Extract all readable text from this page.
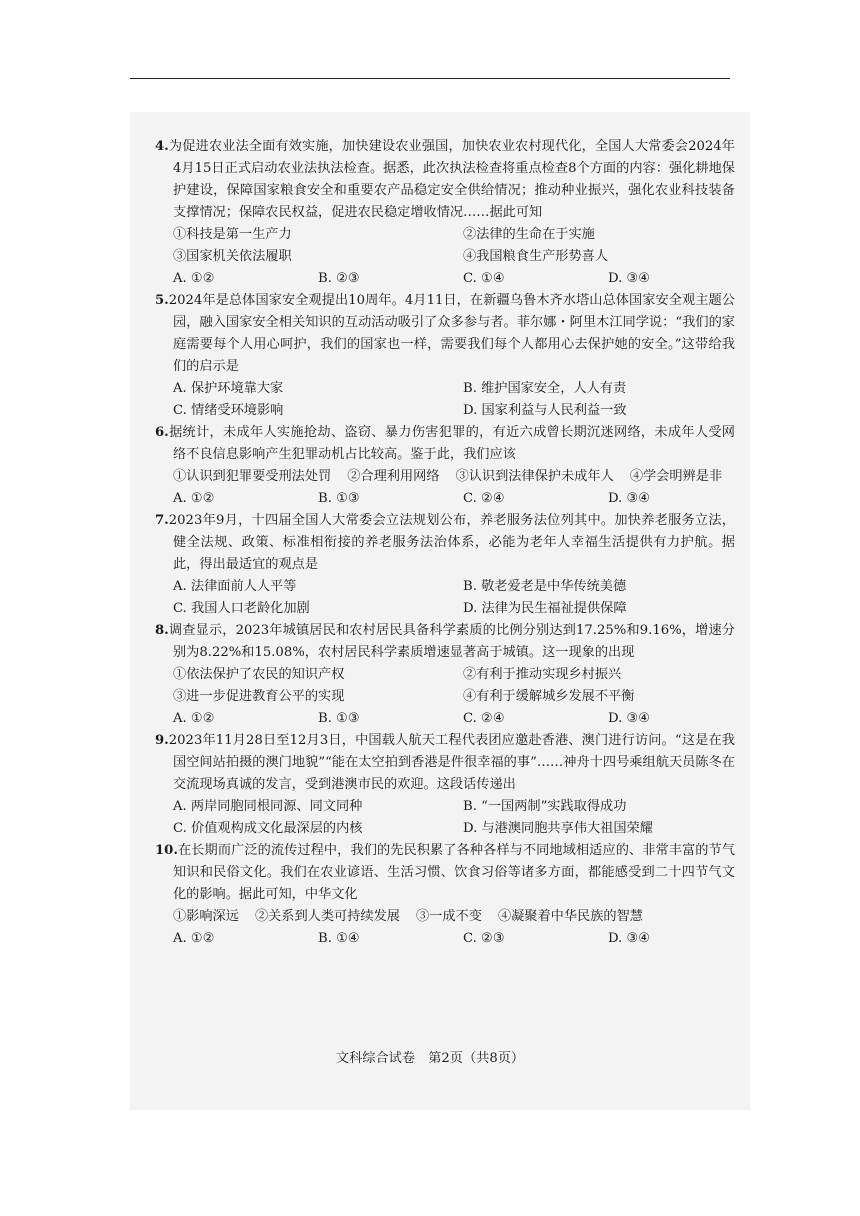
4.为促进农业法全面有效实施，加快建设农业强国，加快农业农村现代化，全国人大常委会2024年4月15日正式启动农业法执法检查。据悉，此次执法检查将重点检查8个方面的内容：强化耕地保护建设，保障国家粮食安全和重要农产品稳定安全供给情况；推动种业振兴，强化农业科技装备支撑情况；保障农民权益，促进农民稳定增收情况……据此可知
①科技是第一生产力	②法律的生命在于实施
③国家机关依法履职	④我国粮食生产形势喜人
A. ①②	B. ②③	C. ①④	D. ③④
5.2024年是总体国家安全观提出10周年。4月11日，在新疆乌鲁木齐水塔山总体国家安全观主题公园，融入国家安全相关知识的互动活动吸引了众多参与者。菲尔娜・阿里木江同学说：“我们的家庭需要每个人用心呵护，我们的国家也一样，需要我们每个人都用心去保护她的安全。”这带给我们的启示是
A. 保护环境靠大家	B. 维护国家安全，人人有责
C. 情绪受环境影响	D. 国家利益与人民利益一致
6.据统计，未成年人实施抢劫、盗窃、暴力伤害犯罪的，有近六成曾长期沉迷网络，未成年人受网络不良信息影响产生犯罪动机占比较高。鉴于此，我们应该
①认识到犯罪要受刑法处罚	②合理利用网络	③认识到法律保护未成年人	④学会明辨是非
A. ①②	B. ①③	C. ②④	D. ③④
7.2023年9月，十四届全国人大常委会立法规划公布，养老服务法位列其中。加快养老服务立法，健全法规、政策、标准相衔接的养老服务法治体系，必能为老年人幸福生活提供有力护航。据此，得出最适宜的观点是
A. 法律面前人人平等	B. 敬老爱老是中华传统美德
C. 我国人口老龄化加剧	D. 法律为民生福祉提供保障
8.调查显示，2023年城镇居民和农村居民具备科学素质的比例分别达到17.25%和9.16%，增速分别为8.22%和15.08%，农村居民科学素质增速显著高于城镇。这一现象的出现
①依法保护了农民的知识产权	②有利于推动实现乡村振兴
③进一步促进教育公平的实现	④有利于缓解城乡发展不平衡
A. ①②	B. ①③	C. ②④	D. ③④
9.2023年11月28日至12月3日，中国载人航天工程代表团应邀赴香港、澳门进行访问。“这是在我国空间站拍摄的澳门地貌”“能在太空拍到香港是件很幸福的事”……神舟十四号乘组航天员陈冬在交流现场真诚的发言，受到港澳市民的欢迎。这段话传递出
A. 两岸同胞同根同源、同文同种	B. “一国两制”实践取得成功
C. 价值观构成文化最深层的内核	D. 与港澳同胞共享伟大祖国荣耀
10.在长期而广泛的流传过程中，我们的先民积累了各种各样与不同地域相适应的、非常丰富的节气知识和民俗文化。我们在农业谚语、生活习惯、饮食习俗等诸多方面，都能感受到二十四节气文化的影响。据此可知，中华文化
①影响深远	②关系到人类可持续发展	③一成不变	④凝聚着中华民族的智慧
A. ①②	B. ①④	C. ②③	D. ③④
文科综合试卷　第2页（共8页）
